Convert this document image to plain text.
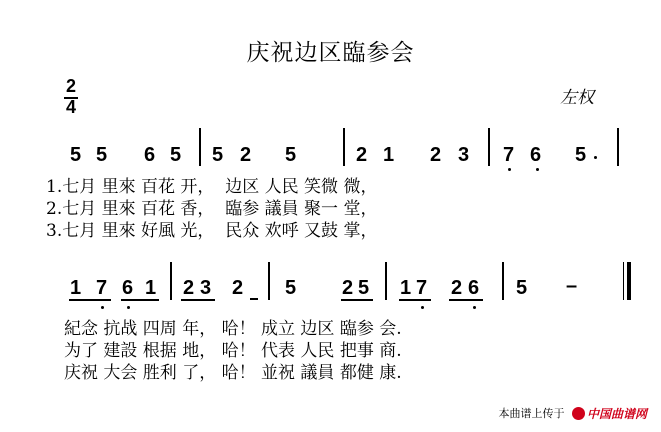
庆祝边区臨参会
2
4	左权
5 5 6 5 5 2 5	2 1 2 3 7 6 5

1.七月 里來 百花 开，  边区 人民 笑微 微，

2.七月 里來 百花 香，  臨参 議員 聚一 堂，

3.七月 里來 好風 光，  民众 欢呼 又鼓 掌，

1 7 6 1 2 3 2 5 2 5 1 7 2 6 5 –

紀念 抗战 四周 年， 哈！ 成立 边区 臨参 会.

为了 建設 根据 地， 哈！ 代表 人民 把事 商.

庆祝 大会 胜利 了， 哈！ 並祝 議員 都健 康.

本曲谱上传于 中国曲谱网
